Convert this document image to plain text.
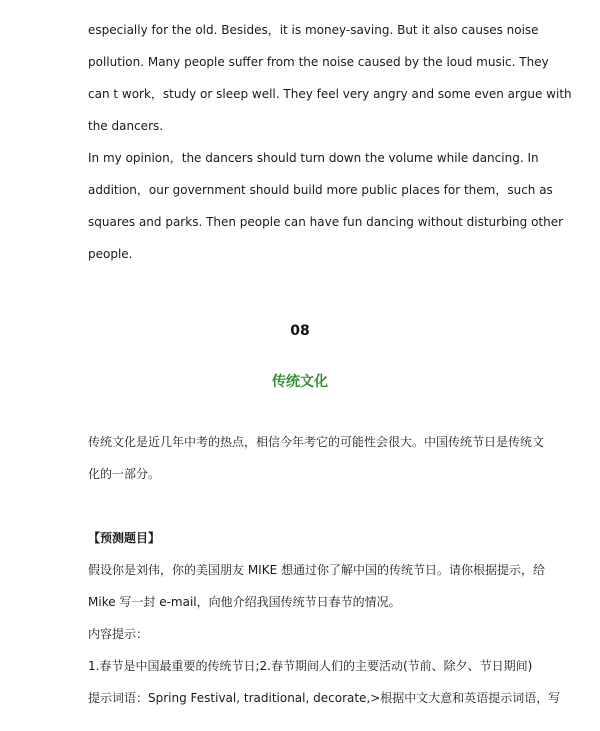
especially for the old. Besides，it is money-saving. But it also causes noise
pollution. Many people suffer from the noise caused by the loud music. They
can t work，study or sleep well. They feel very angry and some even argue with
the dancers.
In my opinion，the dancers should turn down the volume while dancing. In
addition，our government should build more public places for them，such as
squares and parks. Then people can have fun dancing without disturbing other
people.
08
传统文化
传统文化是近几年中考的热点，相信今年考它的可能性会很大。中国传统节日是传统文
化的一部分。
【预测题目】
假设你是刘伟，你的美国朋友 MIKE 想通过你了解中国的传统节日。请你根据提示，给
Mike 写一封 e-mail，向他介绍我国传统节日春节的情况。
内容提示：
1.春节是中国最重要的传统节日;2.春节期间人们的主要活动(节前、除夕、节日期间)
提示词语：Spring Festival, traditional, decorate,>根据中文大意和英语提示词语，写
